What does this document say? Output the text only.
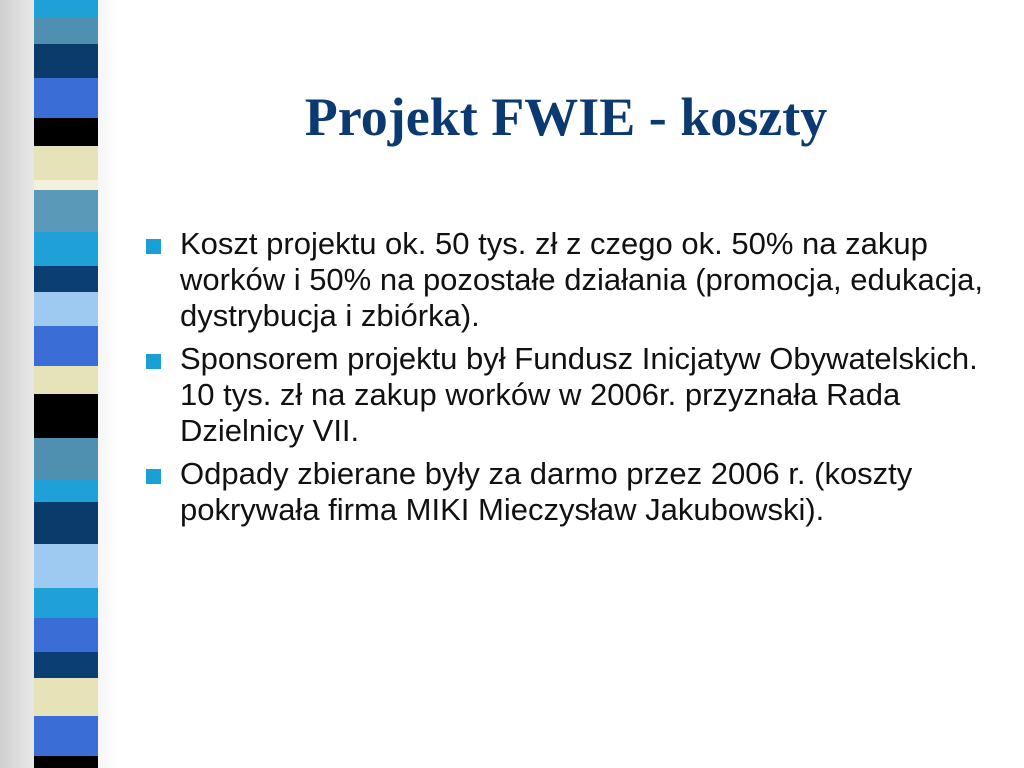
Projekt FWIE - koszty
Koszt projektu ok. 50 tys. zł z czego ok. 50% na zakup worków i 50% na pozostałe działania (promocja, edukacja, dystrybucja i zbiórka).
Sponsorem projektu był Fundusz Inicjatyw Obywatelskich. 10 tys. zł na zakup worków w 2006r. przyznała Rada Dzielnicy VII.
Odpady zbierane były za darmo przez 2006 r. (koszty pokrywała firma MIKI Mieczysław Jakubowski).
